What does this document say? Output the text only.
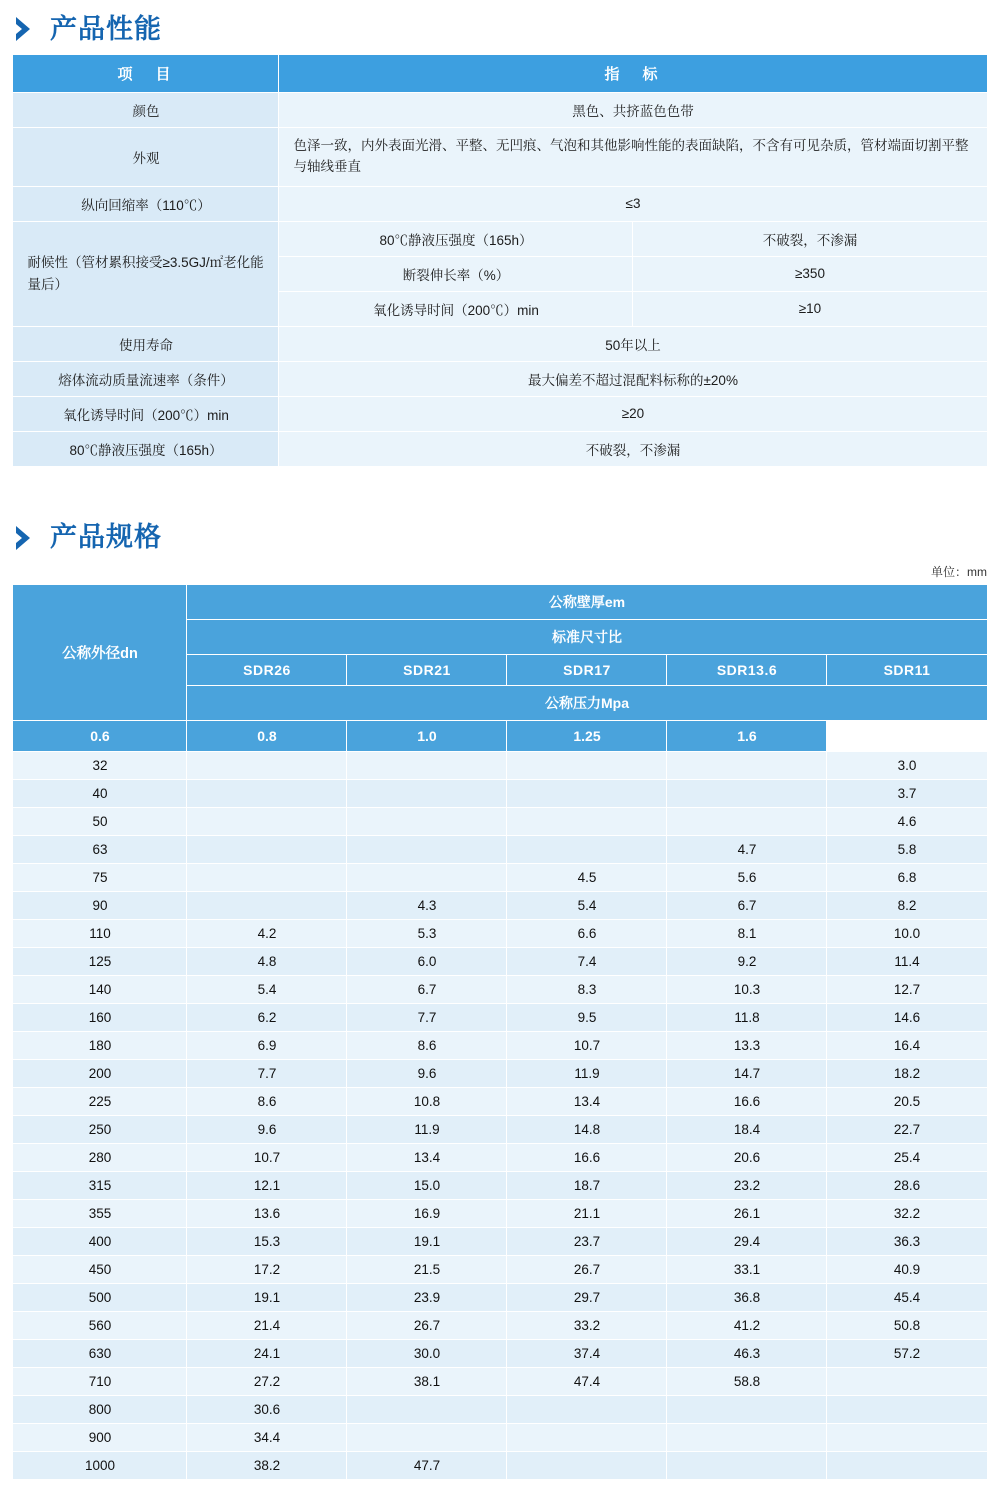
产品性能
项　目	指　标	
颜色	黑色、共挤蓝色色带	
外观	色泽一致，内外表面光滑、平整、无凹痕、气泡和其他影响性能的表面缺陷，不含有可见杂质，管材端面切割平整与轴线垂直	
纵向回缩率（110℃）	≤3	
耐候性（管材累积接受≥3.5GJ/㎡老化能量后）	80℃静液压强度（165h）	不破裂，不渗漏
	断裂伸长率（%）	≥350
	氧化诱导时间（200℃）min	≥10
使用寿命	50年以上	
熔体流动质量流速率（条件）	最大偏差不超过混配料标称的±20%	
氧化诱导时间（200℃）min	≥20	
80℃静液压强度（165h）	不破裂，不渗漏	
产品规格
单位：mm
公称外径dn	公称壁厚em				
	标准尺寸比				
	SDR26	SDR21	SDR17	SDR13.6	SDR11
	公称压力Mpa				
0.6	0.8	1.0	1.25	1.6	
32					3.0
40					3.7
50					4.6
63				4.7	5.8
75			4.5	5.6	6.8
90		4.3	5.4	6.7	8.2
110	4.2	5.3	6.6	8.1	10.0
125	4.8	6.0	7.4	9.2	11.4
140	5.4	6.7	8.3	10.3	12.7
160	6.2	7.7	9.5	11.8	14.6
180	6.9	8.6	10.7	13.3	16.4
200	7.7	9.6	11.9	14.7	18.2
225	8.6	10.8	13.4	16.6	20.5
250	9.6	11.9	14.8	18.4	22.7
280	10.7	13.4	16.6	20.6	25.4
315	12.1	15.0	18.7	23.2	28.6
355	13.6	16.9	21.1	26.1	32.2
400	15.3	19.1	23.7	29.4	36.3
450	17.2	21.5	26.7	33.1	40.9
500	19.1	23.9	29.7	36.8	45.4
560	21.4	26.7	33.2	41.2	50.8
630	24.1	30.0	37.4	46.3	57.2
710	27.2	38.1	47.4	58.8	
800	30.6				
900	34.4				
1000	38.2	47.7			
